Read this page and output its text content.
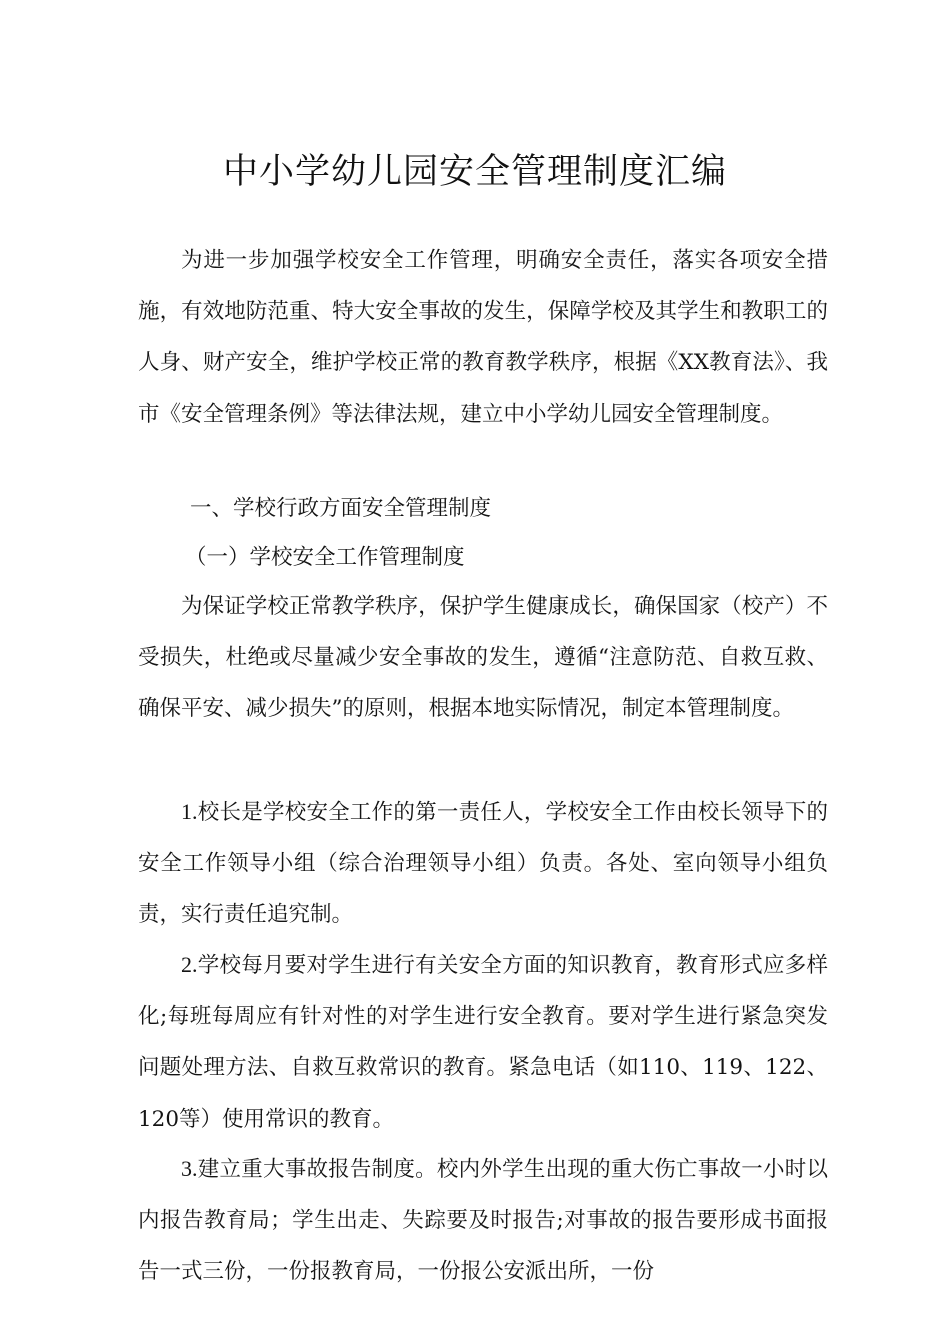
中小学幼儿园安全管理制度汇编

为进一步加强学校安全工作管理，明确安全责任，落实各项安全措施，有效地防范重、特大安全事故的发生，保障学校及其学生和教职工的人身、财产安全，维护学校正常的教育教学秩序，根据《XX教育法》、我市《安全管理条例》等法律法规，建立中小学幼儿园安全管理制度。

一、学校行政方面安全管理制度

（一）学校安全工作管理制度

为保证学校正常教学秩序，保护学生健康成长，确保国家（校产）不受损失，杜绝或尽量减少安全事故的发生，遵循“注意防范、自救互救、确保平安、减少损失”的原则，根据本地实际情况，制定本管理制度。

1.校长是学校安全工作的第一责任人，学校安全工作由校长领导下的安全工作领导小组（综合治理领导小组）负责。各处、室向领导小组负责，实行责任追究制。

2.学校每月要对学生进行有关安全方面的知识教育，教育形式应多样化;每班每周应有针对性的对学生进行安全教育。要对学生进行紧急突发问题处理方法、自救互救常识的教育。紧急电话（如110、119、122、120等）使用常识的教育。

3.建立重大事故报告制度。校内外学生出现的重大伤亡事故一小时以内报告教育局；学生出走、失踪要及时报告;对事故的报告要形成书面报告一式三份，一份报教育局，一份报公安派出所，一份
